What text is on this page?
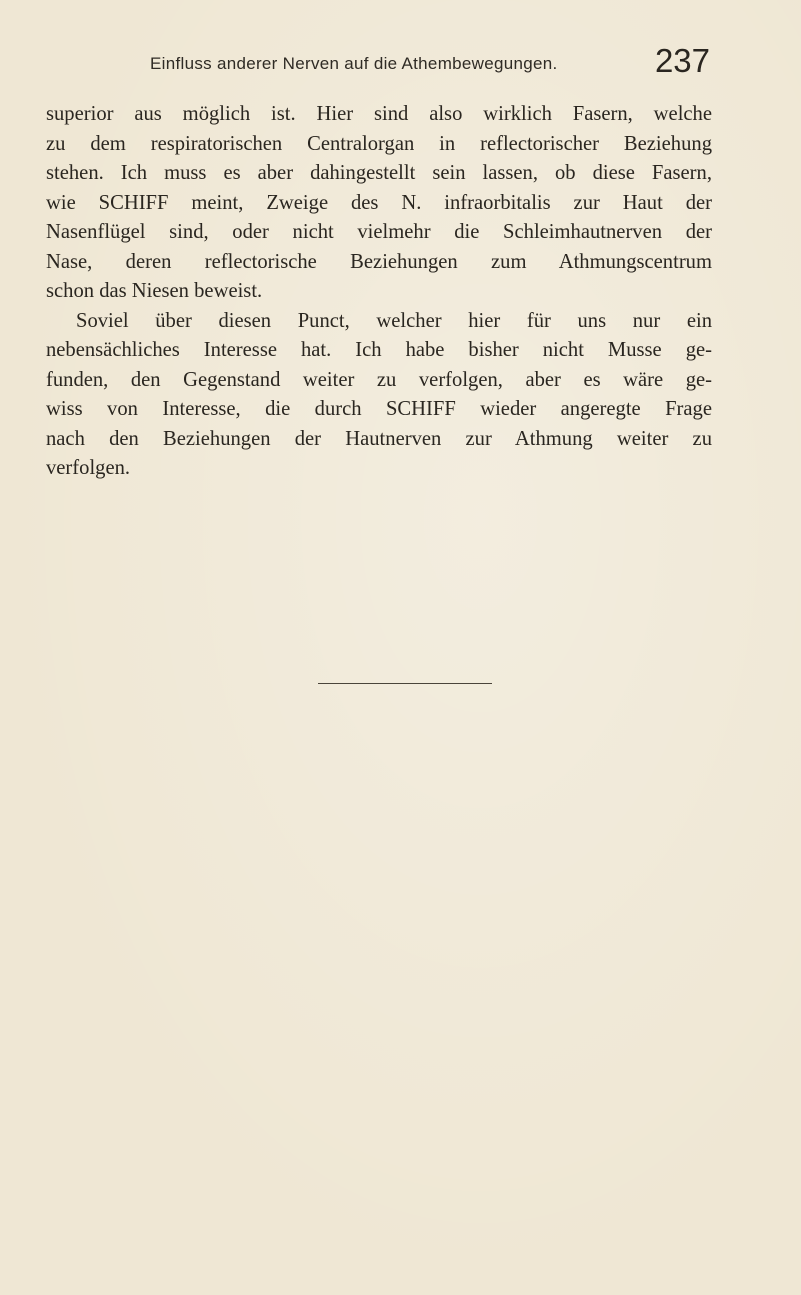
Einfluss anderer Nerven auf die Athembewegungen.	237
superior aus möglich ist. Hier sind also wirklich Fasern, welche
zu dem respiratorischen Centralorgan in reflectorischer Beziehung
stehen. Ich muss es aber dahingestellt sein lassen, ob diese Fasern,
wie SCHIFF meint, Zweige des N. infraorbitalis zur Haut der
Nasenflügel sind, oder nicht vielmehr die Schleimhautnerven der
Nase, deren reflectorische Beziehungen zum Athmungscentrum
schon das Niesen beweist.
Soviel über diesen Punct, welcher hier für uns nur ein
nebensächliches Interesse hat. Ich habe bisher nicht Musse ge-
funden, den Gegenstand weiter zu verfolgen, aber es wäre ge-
wiss von Interesse, die durch SCHIFF wieder angeregte Frage
nach den Beziehungen der Hautnerven zur Athmung weiter zu
verfolgen.
